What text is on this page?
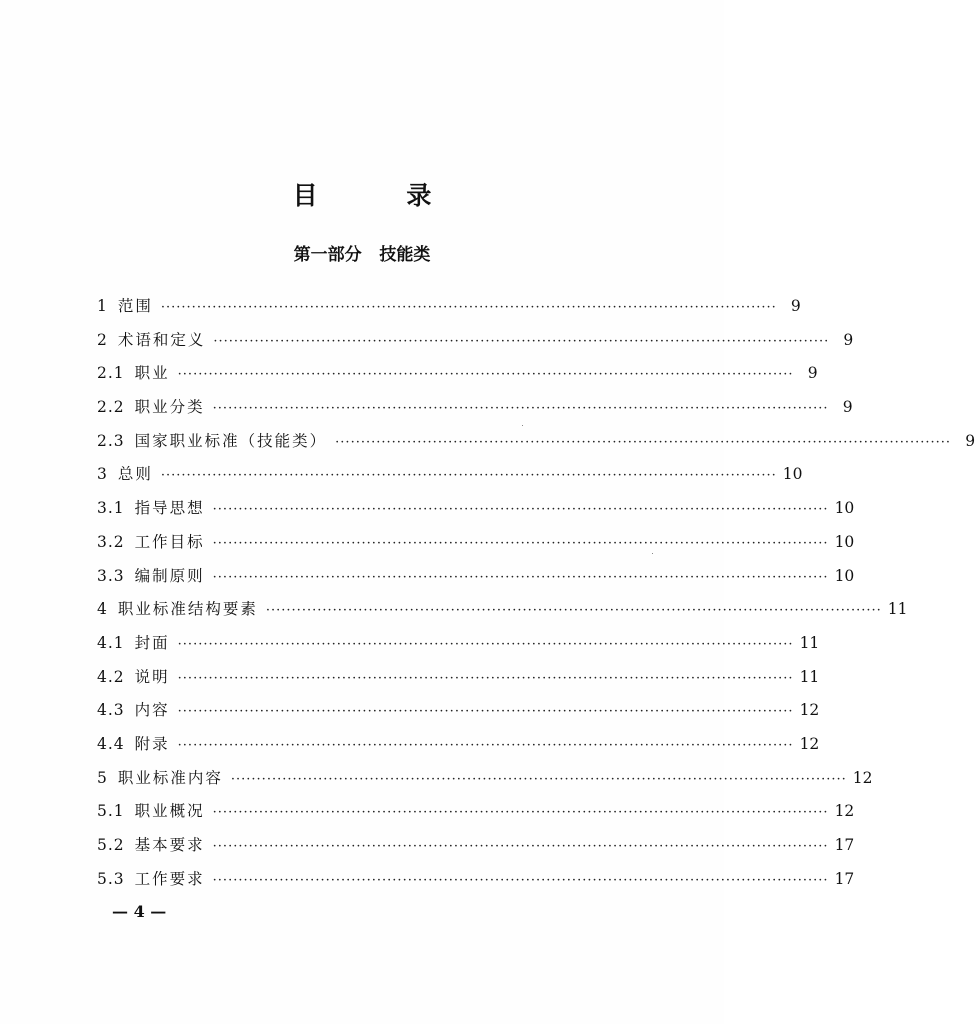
目 录
第一部分   技能类
1 范围 ························································································································ 9
2 术语和定义 ························································································································ 9
2.1 职业 ························································································································ 9
2.2 职业分类 ························································································································ 9
2.3 国家职业标准（技能类） ························································································································ 9
3 总则 ························································································································ 10
3.1 指导思想 ························································································································ 10
3.2 工作目标 ························································································································ 10
3.3 编制原则 ························································································································ 10
4 职业标准结构要素 ························································································································ 11
4.1 封面 ························································································································ 11
4.2 说明 ························································································································ 11
4.3 内容 ························································································································ 12
4.4 附录 ························································································································ 12
5 职业标准内容 ························································································································ 12
5.1 职业概况 ························································································································ 12
5.2 基本要求 ························································································································ 17
5.3 工作要求 ························································································································ 17
— 4 —
